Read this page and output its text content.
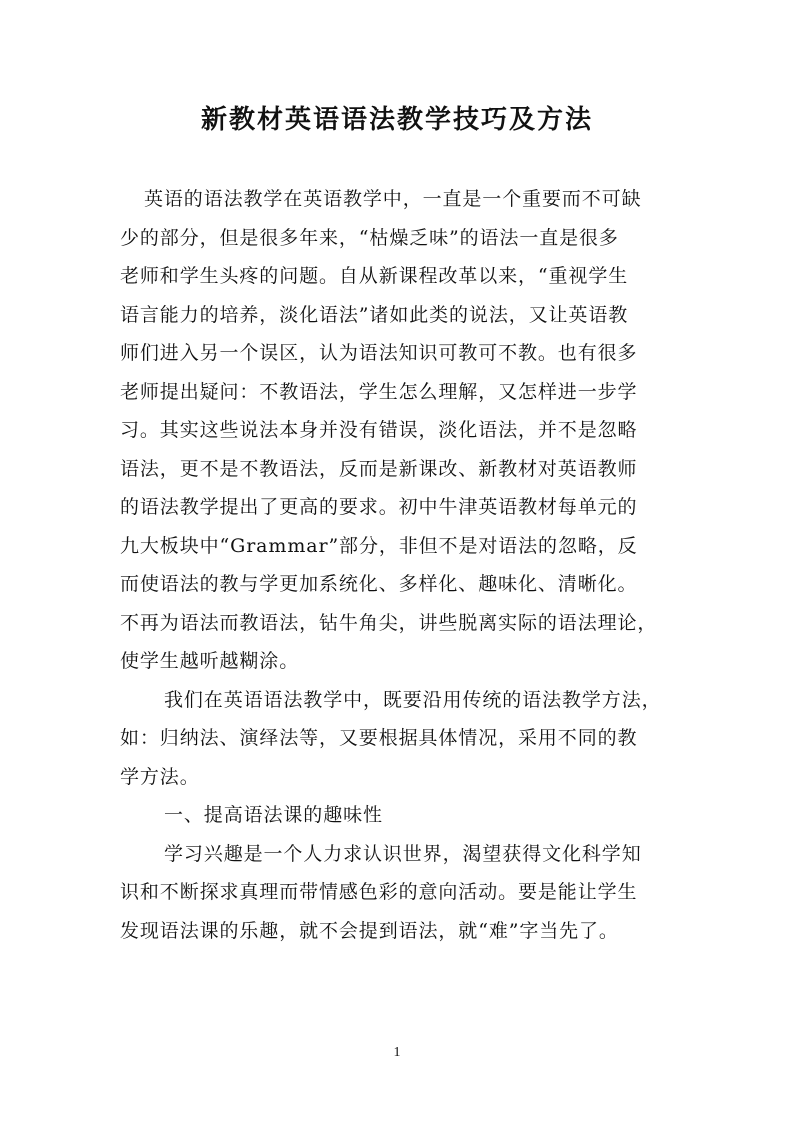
新教材英语语法教学技巧及方法
英语的语法教学在英语教学中，一直是一个重要而不可缺
少的部分，但是很多年来，“枯燥乏味”的语法一直是很多
老师和学生头疼的问题。自从新课程改革以来，“重视学生
语言能力的培养，淡化语法”诸如此类的说法，又让英语教
师们进入另一个误区，认为语法知识可教可不教。也有很多
老师提出疑问：不教语法，学生怎么理解，又怎样进一步学
习。其实这些说法本身并没有错误，淡化语法，并不是忽略
语法，更不是不教语法，反而是新课改、新教材对英语教师
的语法教学提出了更高的要求。初中牛津英语教材每单元的
九大板块中“Grammar”部分，非但不是对语法的忽略，反
而使语法的教与学更加系统化、多样化、趣味化、清晰化。
不再为语法而教语法，钻牛角尖，讲些脱离实际的语法理论，
使学生越听越糊涂。
我们在英语语法教学中，既要沿用传统的语法教学方法，
如：归纳法、演绎法等，又要根据具体情况，采用不同的教
学方法。
一、提高语法课的趣味性
学习兴趣是一个人力求认识世界，渴望获得文化科学知
识和不断探求真理而带情感色彩的意向活动。要是能让学生
发现语法课的乐趣，就不会提到语法，就“难”字当先了。
1
